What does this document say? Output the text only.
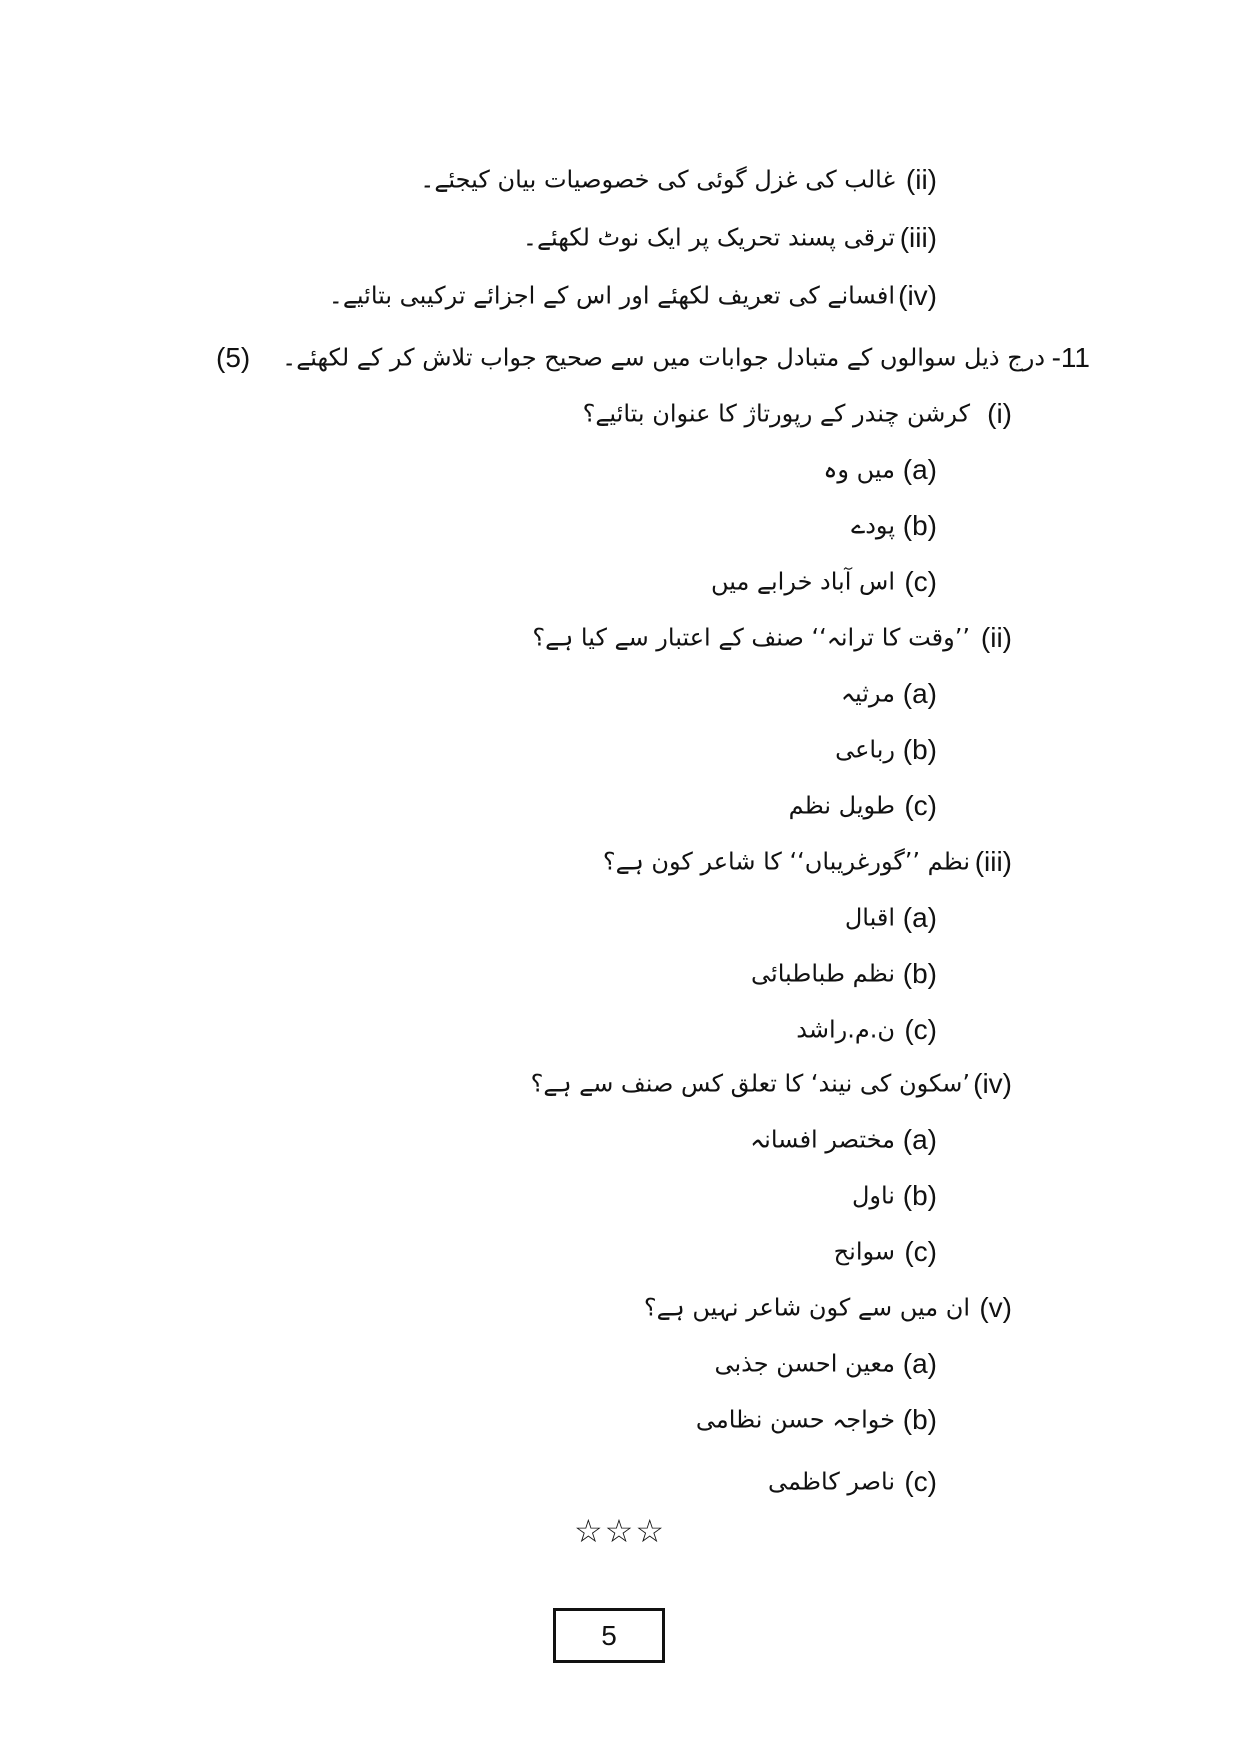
(ii)
غالب کی غزل گوئی کی خصوصیات بیان کیجئے۔
(iii)
ترقی پسند تحریک پر ایک نوٹ لکھئے۔
(iv)
افسانے کی تعریف لکھئے اور اس کے اجزائے ترکیبی بتائیے۔
-11
درج ذیل سوالوں کے متبادل جوابات میں سے صحیح جواب تلاش کر کے لکھئے۔
(5)
(i)
کرشن چندر کے رپورتاژ کا عنوان بتائیے؟
(a)
میں وہ
(b)
پودے
(c)
اس آباد خرابے میں
(ii)
’’وقت کا ترانہ‘‘ صنف کے اعتبار سے کیا ہے؟
(a)
مرثیہ
(b)
رباعی
(c)
طویل نظم
(iii)
نظم ’’گورغریباں‘‘ کا شاعر کون ہے؟
(a)
اقبال
(b)
نظم طباطبائی
(c)
ن.م.راشد
(iv)
’سکون کی نیند‘ کا تعلق کس صنف سے ہے؟
(a)
مختصر افسانہ
(b)
ناول
(c)
سوانح
(v)
ان میں سے کون شاعر نہیں ہے؟
(a)
معین احسن جذبی
(b)
خواجہ حسن نظامی
(c)
ناصر کاظمی
☆☆☆
5
